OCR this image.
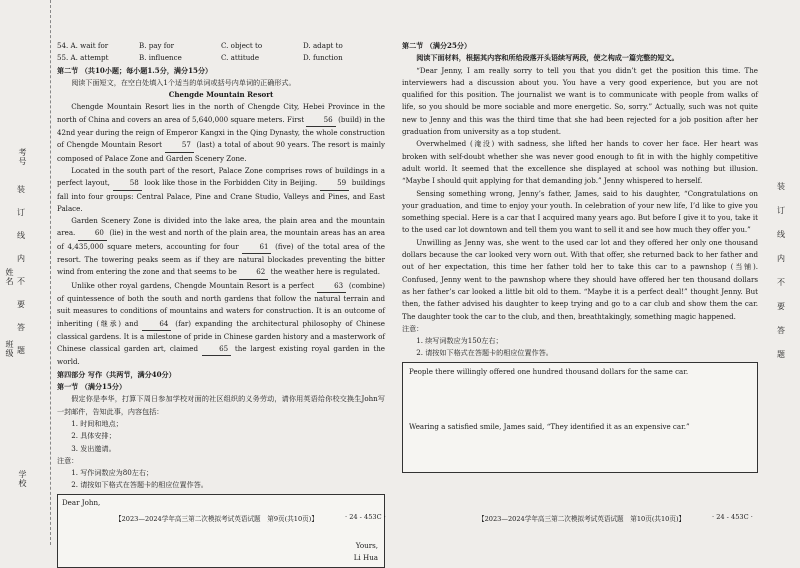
考号
姓名
班级
学校
装
订
线
内
不
要
答
题
装
订
线
内
不
要
答
题
54. A. wait for	B. pay for	C. object to	D. adapt to
55. A. attempt	B. influence	C. attitude	D. function
第二节 （共10小题；每小题1.5分，满分15分）

阅读下面短文，在空白处填入1个适当的单词或括号内单词的正确形式。

Chengde Mountain Resort

Chengde Mountain Resort lies in the north of Chengde City, Hebei Province in the north of China and covers an area of 5,640,000 square meters. First	56 (build) in the 42nd year during the reign of Emperor Kangxi in the Qing Dynasty, the whole construction of Chengde Mountain Resort	57 (last) a total of about 90 years. The resort is mainly composed of Palace Zone and Garden Scenery Zone.

Located in the south part of the resort, Palace Zone comprises rows of buildings in a perfect layout,	58 look like those in the Forbidden City in Beijing.	59 buildings fall into four groups: Central Palace, Pine and Crane Studio, Valleys and Pines, and East Palace.

Garden Scenery Zone is divided into the lake area, the plain area and the mountain area.	60 (lie) in the west and north of the plain area, the mountain areas has an area of 4,435,000 square meters, accounting for four	61 (five) of the total area of the resort. The towering peaks seem as if they are natural blockades preventing the bitter wind from entering the zone and that seems to be	62 the weather here is regulated.

Unlike other royal gardens, Chengde Mountain Resort is a perfect	63 (combine) of quintessence of both the south and north gardens that follow the natural terrain and suit measures to conditions of mountains and waters for construction. It is an outcome of inheriting (继承) and	64 (far) expanding the architectural philosophy of Chinese classical gardens. It is a milestone of pride in Chinese garden history and a masterwork of Chinese classical garden art, claimed	65 the largest existing royal garden in the world.

第四部分 写作（共两节，满分40分）
第一节 （满分15分）

假定你是李华，打算下周日参加学校对面的社区组织的义务劳动，请你用英语给你校交换生John写一封邮件，告知此事，内容包括：

1. 时间和地点；

2. 具体安排；

3. 发出邀请。

注意：

1. 写作词数应为80左右；

2. 请按如下格式在答题卡的相应位置作答。

Dear John,
Yours,
Li Hua
【2023—2024学年高三第二次模拟考试英语试题　第9页(共10页)】	· 24 - 453C ·
第二节 （满分25分）

阅读下面材料，根据其内容和所给段落开头语续写两段，使之构成一篇完整的短文。

“Dear Jenny, I am really sorry to tell you that you didn’t get the position this time. The interviewers had a discussion about you. You have a very good experience, but you are not qualified for this position. The journalist we want is to communicate with people from walks of life, so you should be more sociable and more energetic. So, sorry.” Actually, such was not quite new to Jenny and this was the third time that she had been rejected for a job position after her graduation from university as a top student.

Overwhelmed (淹没) with sadness, she lifted her hands to cover her face. Her heart was broken with self-doubt whether she was never good enough to fit in with the highly competitive adult world. It seemed that the excellence she displayed at school was nothing but illusion. “Maybe I should quit applying for that demanding job.” Jenny whispered to herself.

Sensing something wrong, Jenny’s father, James, said to his daughter, “Congratulations on your graduation, and time to enjoy your youth. In celebration of your new life, I’d like to give you something special. Here is a car that I acquired many years ago. But before I give it to you, take it to the used car lot downtown and tell them you want to sell it and see how much they offer you.”

Unwilling as Jenny was, she went to the used car lot and they offered her only one thousand dollars because the car looked very worn out. With that offer, she returned back to her father and out of her expectation, this time her father told her to take this car to a pawnshop (当铺). Confused, Jenny went to the pawnshop where they should have offered her ten thousand dollars as her father’s car looked a little bit old to them. “Maybe it is a perfect deal!” thought Jenny. But then, the father advised his daughter to keep trying and go to a car club and show them the car. The daughter took the car to the club, and then, breathtakingly, something magic happened.

注意：

1. 续写词数应为150左右；

2. 请按如下格式在答题卡的相应位置作答。

People there willingly offered one hundred thousand dollars for the same car.
Wearing a satisfied smile, James said, “They identified it as an expensive car.”
【2023—2024学年高三第二次模拟考试英语试题　第10页(共10页)】	· 24 - 453C ·
